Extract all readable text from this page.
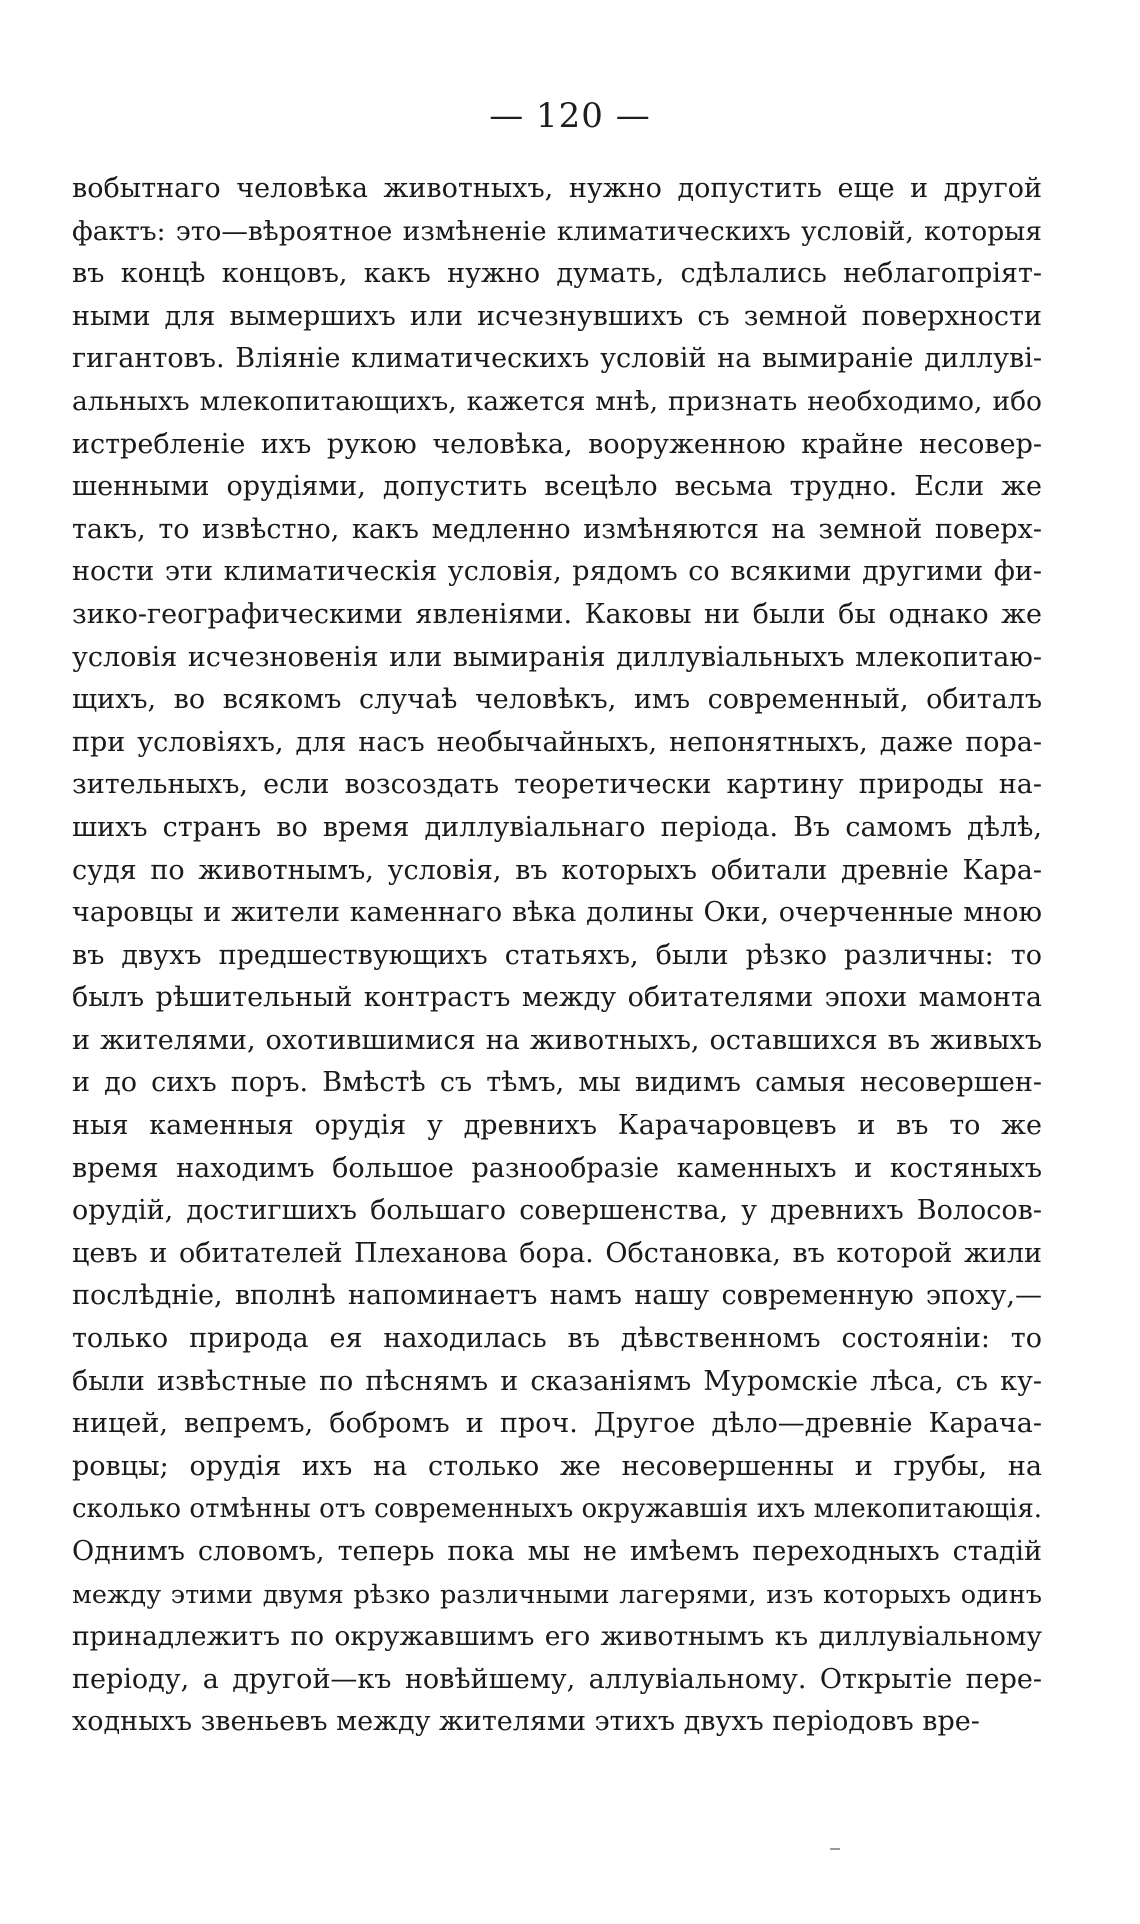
— 120 —
вобытнаго человѣка животныхъ, нужно допустить еще и другой
фактъ: это—вѣроятное измѣненіе климатическихъ условій, которыя
въ концѣ концовъ, какъ нужно думать, сдѣлались неблагопріят-
ными для вымершихъ или исчезнувшихъ съ земной поверхности
гигантовъ. Вліяніе климатическихъ условій на вымираніе диллуві-
альныхъ млекопитающихъ, кажется мнѣ, признать необходимо, ибо
истребленіе ихъ рукою человѣка, вооруженною крайне несовер-
шенными орудіями, допустить всецѣло весьма трудно. Если же
такъ, то извѣстно, какъ медленно измѣняются на земной поверх-
ности эти климатическія условія, рядомъ со всякими другими фи-
зико-географическими явленіями. Каковы ни были бы однако же
условія исчезновенія или вымиранія диллувіальныхъ млекопитаю-
щихъ, во всякомъ случаѣ человѣкъ, имъ современный, обиталъ
при условіяхъ, для насъ необычайныхъ, непонятныхъ, даже пора-
зительныхъ, если возсоздать теоретически картину природы на-
шихъ странъ во время диллувіальнаго періода. Въ самомъ дѣлѣ,
судя по животнымъ, условія, въ которыхъ обитали древніе Кара-
чаровцы и жители каменнаго вѣка долины Оки, очерченные мною
въ двухъ предшествующихъ статьяхъ, были рѣзко различны: то
былъ рѣшительный контрастъ между обитателями эпохи мамонта
и жителями, охотившимися на животныхъ, оставшихся въ живыхъ
и до сихъ поръ. Вмѣстѣ съ тѣмъ, мы видимъ самыя несовершен-
ныя каменныя орудія у древнихъ Карачаровцевъ и въ то же
время находимъ большое разнообразіе каменныхъ и костяныхъ
орудій, достигшихъ большаго совершенства, у древнихъ Волосов-
цевъ и обитателей Плеханова бора. Обстановка, въ которой жили
послѣдніе, вполнѣ напоминаетъ намъ нашу современную эпоху,—
только природа ея находилась въ дѣвственномъ состояніи: то
были извѣстные по пѣснямъ и сказаніямъ Муромскіе лѣса, съ ку-
ницей, вепремъ, бобромъ и проч. Другое дѣло—древніе Карача-
ровцы; орудія ихъ на столько же несовершенны и грубы, на
сколько отмѣнны отъ современныхъ окружавшія ихъ млекопитающія.
Однимъ словомъ, теперь пока мы не имѣемъ переходныхъ стадій
между этими двумя рѣзко различными лагерями, изъ которыхъ одинъ
принадлежитъ по окружавшимъ его животнымъ къ диллувіальному
періоду, а другой—къ новѣйшему, аллувіальному. Открытіе пере-
ходныхъ звеньевъ между жителями этихъ двухъ періодовъ вре-
